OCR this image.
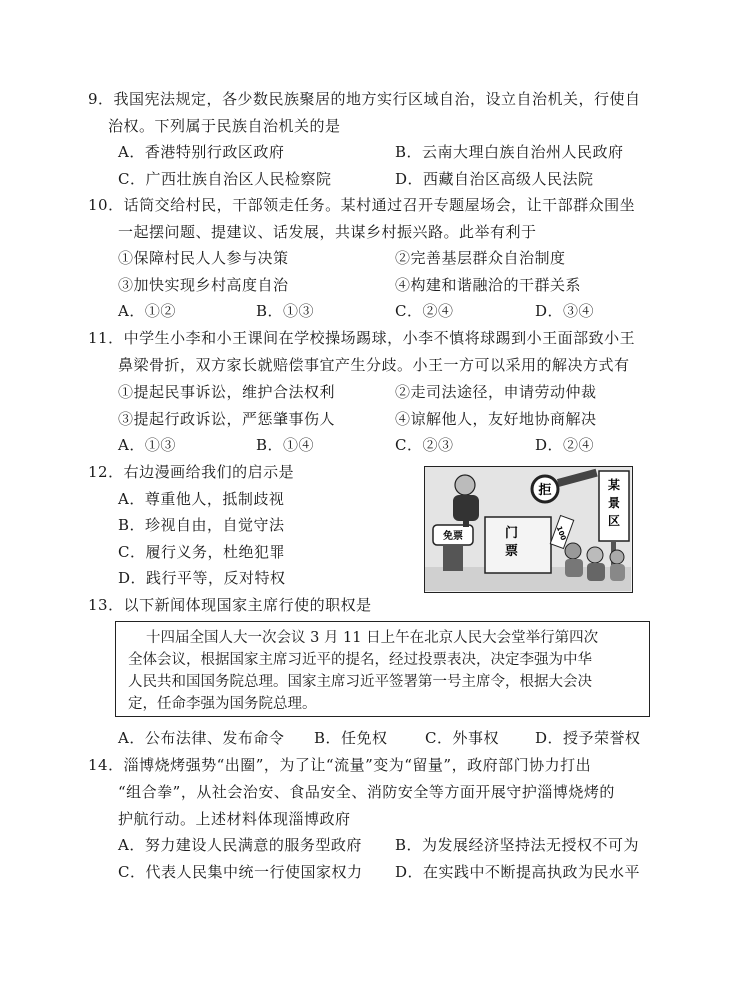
9．我国宪法规定，各少数民族聚居的地方实行区域自治，设立自治机关，行使自
治权。下列属于民族自治机关的是
A．香港特别行政区政府	B．云南大理白族自治州人民政府
C．广西壮族自治区人民检察院	D．西藏自治区高级人民法院
10．话筒交给村民，干部领走任务。某村通过召开专题屋场会，让干部群众围坐
一起摆问题、提建议、话发展，共谋乡村振兴路。此举有利于
①保障村民人人参与决策	②完善基层群众自治制度
③加快实现乡村高度自治	④构建和谐融洽的干群关系
A．①②	B．①③	C．②④	D．③④
11．中学生小李和小王课间在学校操场踢球，小李不慎将球踢到小王面部致小王
鼻梁骨折，双方家长就赔偿事宜产生分歧。小王一方可以采用的解决方式有
①提起民事诉讼，维护合法权利	②走司法途径，申请劳动仲裁
③提起行政诉讼，严惩肇事伤人	④谅解他人，友好地协商解决
A．①③	B．①④	C．②③	D．②④
12．右边漫画给我们的启示是
A．尊重他人，抵制歧视
B．珍视自由，自觉守法
C．履行义务，杜绝犯罪
D．践行平等，反对特权
某
景
区
门
票
免票
拒
100
13．以下新闻体现国家主席行使的职权是
十四届全国人大一次会议 3 月 11 日上午在北京人民大会堂举行第四次
全体会议，根据国家主席习近平的提名，经过投票表决，决定李强为中华
人民共和国国务院总理。国家主席习近平签署第一号主席令，根据大会决
定，任命李强为国务院总理。
A．公布法律、发布命令 B．任免权 C．外事权 D．授予荣誉权
14．淄博烧烤强势“出圈”，为了让“流量”变为“留量”，政府部门协力打出
“组合拳”，从社会治安、食品安全、消防安全等方面开展守护淄博烧烤的
护航行动。上述材料体现淄博政府
A．努力建设人民满意的服务型政府 B．为发展经济坚持法无授权不可为
C．代表人民集中统一行使国家权力 D．在实践中不断提高执政为民水平
